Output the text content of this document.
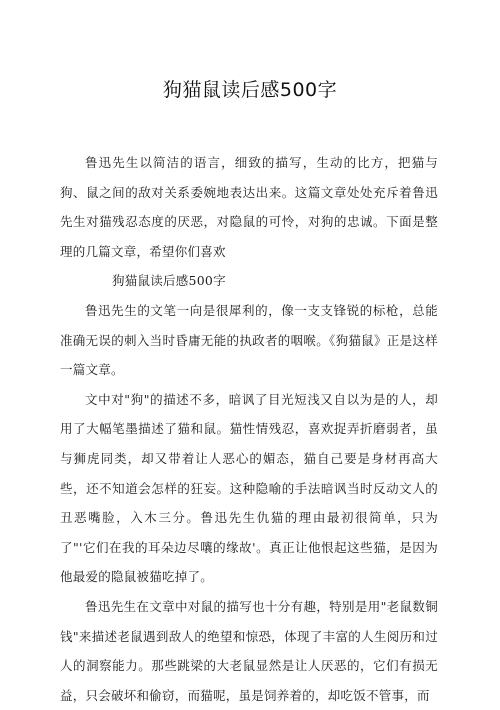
狗猫鼠读后感500字

鲁迅先生以简洁的语言，细致的描写，生动的比方，把猫与狗、鼠之间的敌对关系委婉地表达出来。这篇文章处处充斥着鲁迅先生对猫残忍态度的厌恶，对隐鼠的可怜，对狗的忠诚。下面是整理的几篇文章，希望你们喜欢

狗猫鼠读后感500字

鲁迅先生的文笔一向是很犀利的，像一支支锋锐的标枪，总能准确无误的刺入当时昏庸无能的执政者的咽喉。《狗猫鼠》正是这样一篇文章。

文中对"狗"的描述不多，暗讽了目光短浅又自以为是的人，却用了大幅笔墨描述了猫和鼠。猫性情残忍，喜欢捉弄折磨弱者，虽与狮虎同类，却又带着让人恶心的媚态，猫自己要是身材再高大些，还不知道会怎样的狂妄。这种隐喻的手法暗讽当时反动文人的丑恶嘴脸，入木三分。鲁迅先生仇猫的理由最初很简单，只为了"'它们在我的耳朵边尽嚷的缘故'。真正让他恨起这些猫，是因为他最爱的隐鼠被猫吃掉了。

鲁迅先生在文章中对鼠的描写也十分有趣，特别是用"老鼠数铜钱"来描述老鼠遇到敌人的绝望和惊恐，体现了丰富的人生阅历和过人的洞察能力。那些跳梁的大老鼠显然是让人厌恶的，它们有损无益，只会破坏和偷窃，而猫呢，虽是饲养着的，却吃饭不管事，而
